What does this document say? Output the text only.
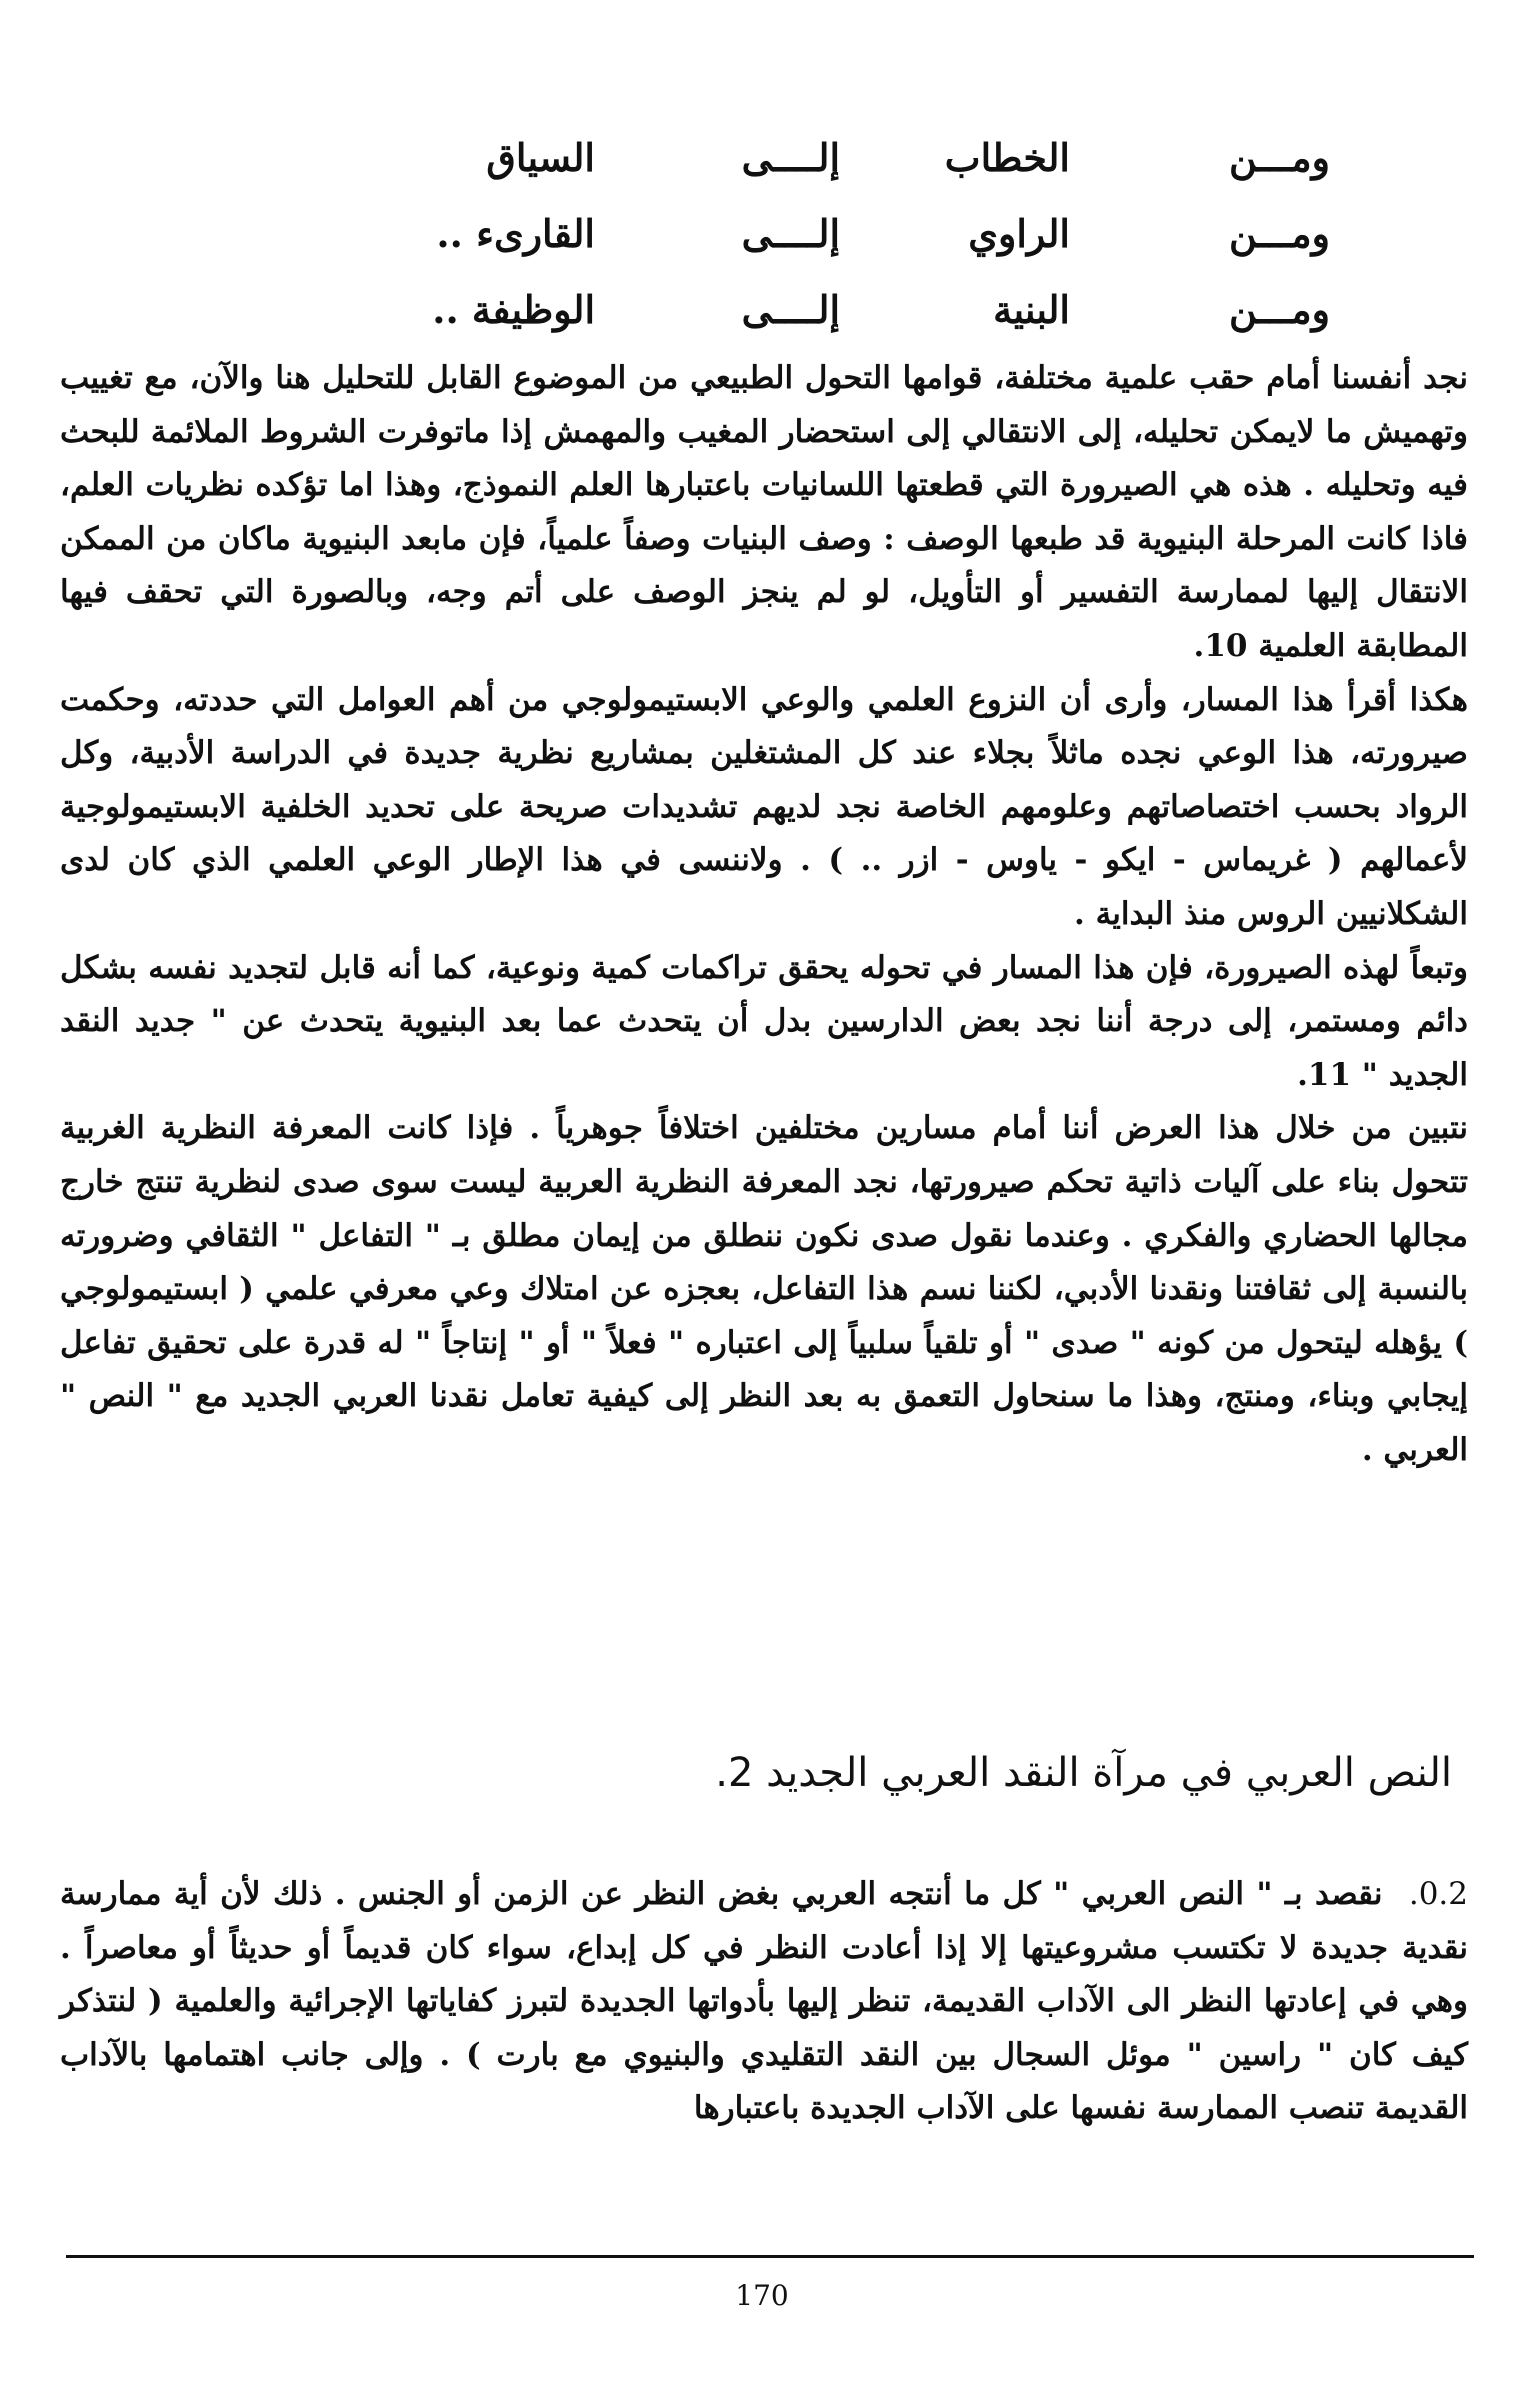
ومـــن
الخطاب
إلــــى
السياق
ومـــن
الراوي
إلــــى
القارىء ..
ومـــن
البنية
إلــــى
الوظيفة ..

نجد أنفسنا أمام حقب علمية مختلفة، قوامها التحول الطبيعي من الموضوع القابل للتحليل هنا والآن، مع تغييب وتهميش ما لايمكن تحليله، إلى الانتقالي إلى استحضار المغيب والمهمش إذا ماتوفرت الشروط الملائمة للبحث فيه وتحليله . هذه هي الصيرورة التي قطعتها اللسانيات باعتبارها العلم النموذج، وهذا اما تؤكده نظريات العلم، فاذا كانت المرحلة البنيوية قد طبعها الوصف : وصف البنيات وصفاً علمياً، فإن مابعد البنيوية ماكان من الممكن الانتقال إليها لممارسة التفسير أو التأويل، لو لم ينجز الوصف على أتم وجه، وبالصورة التي تحقف فيها المطابقة العلمية 10.

هكذا أقرأ هذا المسار، وأرى أن النزوع العلمي والوعي الابستيمولوجي من أهم العوامل التي حددته، وحكمت صيرورته، هذا الوعي نجده ماثلاً بجلاء عند كل المشتغلين بمشاريع نظرية جديدة في الدراسة الأدبية، وكل الرواد بحسب اختصاصاتهم وعلومهم الخاصة نجد لديهم تشديدات صريحة على تحديد الخلفية الابستيمولوجية لأعمالهم ( غريماس - ايكو - ياوس - ازر .. ) . ولاننسى في هذا الإطار الوعي العلمي الذي كان لدى الشكلانيين الروس منذ البداية .

وتبعاً لهذه الصيرورة، فإن هذا المسار في تحوله يحقق تراكمات كمية ونوعية، كما أنه قابل لتجديد نفسه بشكل دائم ومستمر، إلى درجة أننا نجد بعض الدارسين بدل أن يتحدث عما بعد البنيوية يتحدث عن " جديد النقد الجديد " 11.

نتبين من خلال هذا العرض أننا أمام مسارين مختلفين اختلافاً جوهرياً . فإذا كانت المعرفة النظرية الغربية تتحول بناء على آليات ذاتية تحكم صيرورتها، نجد المعرفة النظرية العربية ليست سوى صدى لنظرية تنتج خارج مجالها الحضاري والفكري . وعندما نقول صدى نكون ننطلق من إيمان مطلق بـ " التفاعل " الثقافي وضرورته بالنسبة إلى ثقافتنا ونقدنا الأدبي، لكننا نسم هذا التفاعل، بعجزه عن امتلاك وعي معرفي علمي ( ابستيمولوجي ) يؤهله ليتحول من كونه " صدى " أو تلقياً سلبياً إلى اعتباره " فعلاً " أو " إنتاجاً " له قدرة على تحقيق تفاعل إيجابي وبناء، ومنتج، وهذا ما سنحاول التعمق به بعد النظر إلى كيفية تعامل نقدنا العربي الجديد مع " النص " العربي .

النص العربي في مرآة النقد العربي الجديد 2.

0.2. نقصد بـ " النص العربي " كل ما أنتجه العربي بغض النظر عن الزمن أو الجنس . ذلك لأن أية ممارسة نقدية جديدة لا تكتسب مشروعيتها إلا إذا أعادت النظر في كل إبداع، سواء كان قديماً أو حديثاً أو معاصراً . وهي في إعادتها النظر الى الآداب القديمة، تنظر إليها بأدواتها الجديدة لتبرز كفاياتها الإجرائية والعلمية ( لنتذكر كيف كان " راسين " موئل السجال بين النقد التقليدي والبنيوي مع بارت ) . وإلى جانب اهتمامها بالآداب القديمة تنصب الممارسة نفسها على الآداب الجديدة باعتبارها

170
